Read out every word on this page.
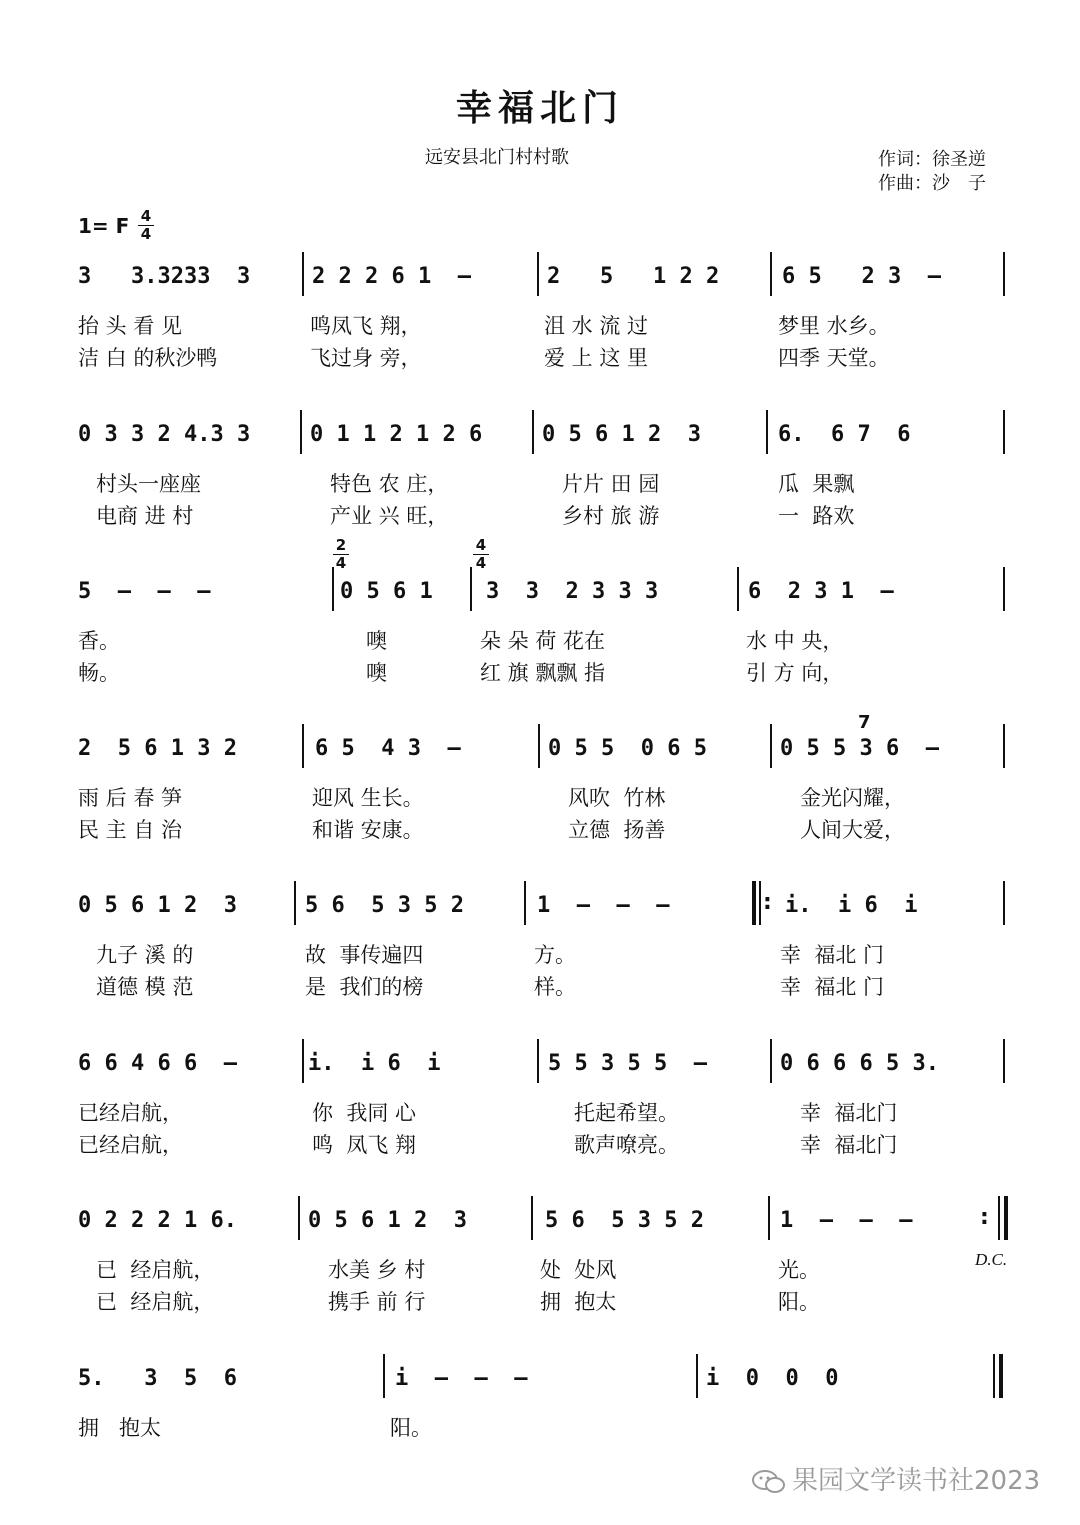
幸福北门
远安县北门村村歌	作词：徐圣逆
作曲：沙　子
1= F 4
4
2
4
4
4
7
3   3.3233  3	2 2 2 6 1  –	2   5   1 2 2	6 5   2 3  –
抬 头 看 见	鸣凤飞 翔，	沮 水 流 过	梦里 水乡。
洁 白 的秋沙鸭	飞过身 旁，	爱 上 这 里	四季 天堂。
0 3 3 2 4.3 3	0 1 1 2 1 2 6	0 5 6 1 2  3	6.  6 7  6
村头一座座	特色 农 庄，	片片 田 园	瓜  果飘
电商 进 村	产业 兴 旺，	乡村 旅 游	一  路欢
5  –  –  –	0 5 6 1 3  3  2 3 3 3	6  2 3 1  –
香。	噢	朵 朵 荷 花在	水 中 央，
畅。	噢	红 旗 飘飘 指	引 方 向，
2  5 6 1 3 2	6 5  4 3  –	0 5 5  0 6 5	0 5 5 3 6  –
雨 后 春 笋	迎风 生长。	风吹  竹林	金光闪耀，
民 主 自 治	和谐 安康。	立德  扬善	人间大爱，
0 5 6 1 2  3	5 6  5 3 5 2	1  –  –  –	i.  i 6  i
:
九子 溪 的	故  事传遍四	方。	幸  福北 门
道德 模 范	是  我们的榜	样。	幸  福北 门
6 6 4 6 6  –	i.  i 6  i	5 5 3 5 5  –	0 6 6 6 5 3.
已经启航，	你  我同 心	托起希望。	幸  福北门
已经启航，	鸣  凤飞 翔	歌声嘹亮。	幸  福北门
0 2 2 2 1 6.	0 5 6 1 2  3	5 6  5 3 5 2	1  –  –  –	:
已  经启航，	水美 乡 村	处  处风	光。
已  经启航，	携手 前 行	拥  抱太	阳。
5.   3  5  6	i  –  –  –	i  0  0  0
拥   抱太	阳。
D.C.
果园文学读书社2023
